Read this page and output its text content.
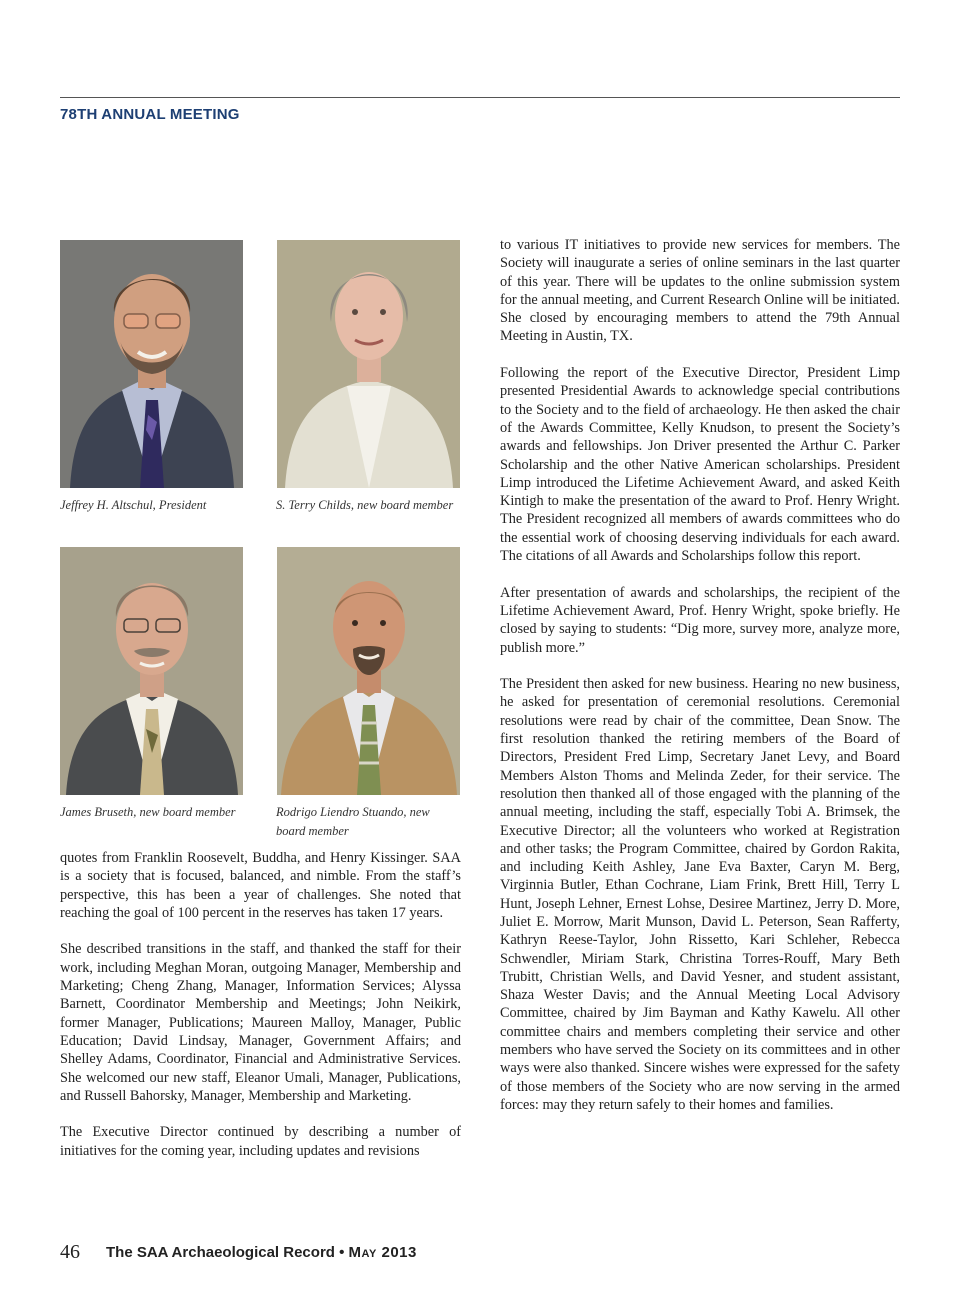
78TH ANNUAL MEETING
Jeffrey H. Altschul, President	S. Terry Childs, new board member
James Bruseth, new board member	Rodrigo Liendro Stuando, new board member

quotes from Franklin Roosevelt, Buddha, and Henry Kissinger. SAA is a society that is focused, balanced, and nimble. From the staff’s perspective, this has been a year of challenges. She noted that reaching the goal of 100 percent in the reserves has taken 17 years.

She described transitions in the staff, and thanked the staff for their work, including Meghan Moran, outgoing Manager, Membership and Marketing; Cheng Zhang, Manager, Information Services; Alyssa Barnett, Coordinator Membership and Meetings; John Neikirk, former Manager, Publications; Maureen Malloy, Manager, Public Education; David Lindsay, Manager, Government Affairs; and Shelley Adams, Coordinator, Financial and Administrative Services. She welcomed our new staff, Eleanor Umali, Manager, Publications, and Russell Bahorsky, Manager, Membership and Marketing.

The Executive Director continued by describing a number of initiatives for the coming year, including updates and revisions

to various IT initiatives to provide new services for members. The Society will inaugurate a series of online seminars in the last quarter of this year. There will be updates to the online submission system for the annual meeting, and Current Research Online will be initiated. She closed by encouraging members to attend the 79th Annual Meeting in Austin, TX.

Following the report of the Executive Director, President Limp presented Presidential Awards to acknowledge special contributions to the Society and to the field of archaeology. He then asked the chair of the Awards Committee, Kelly Knudson, to present the Society’s awards and fellowships. Jon Driver presented the Arthur C. Parker Scholarship and the other Native American scholarships. President Limp introduced the Lifetime Achievement Award, and asked Keith Kintigh to make the presentation of the award to Prof. Henry Wright. The President recognized all members of awards committees who do the essential work of choosing deserving individuals for each award. The citations of all Awards and Scholarships follow this report.

After presentation of awards and scholarships, the recipient of the Lifetime Achievement Award, Prof. Henry Wright, spoke briefly. He closed by saying to students: “Dig more, survey more, analyze more, publish more.”

The President then asked for new business. Hearing no new business, he asked for presentation of ceremonial resolutions. Ceremonial resolutions were read by chair of the committee, Dean Snow. The first resolution thanked the retiring members of the Board of Directors, President Fred Limp, Secretary Janet Levy, and Board Members Alston Thoms and Melinda Zeder, for their service. The resolution then thanked all of those engaged with the planning of the annual meeting, including the staff, especially Tobi A. Brimsek, the Executive Director; all the volunteers who worked at Registration and other tasks; the Program Committee, chaired by Gordon Rakita, and including Keith Ashley, Jane Eva Baxter, Caryn M. Berg, Virginnia Butler, Ethan Cochrane, Liam Frink, Brett Hill, Terry L Hunt, Joseph Lehner, Ernest Lohse, Desiree Martinez, Jerry D. More, Juliet E. Morrow, Marit Munson, David L. Peterson, Sean Rafferty, Kathryn Reese-Taylor, John Rissetto, Kari Schleher, Rebecca Schwendler, Miriam Stark, Christina Torres-Rouff, Mary Beth Trubitt, Christian Wells, and David Yesner, and student assistant, Shaza Wester Davis; and the Annual Meeting Local Advisory Committee, chaired by Jim Bayman and Kathy Kawelu. All other committee chairs and members completing their service and other members who have served the Society on its committees and in other ways were also thanked. Sincere wishes were expressed for the safety of those members of the Society who are now serving in the armed forces: may they return safely to their homes and families.

46 The SAA Archaeological Record • May 2013
